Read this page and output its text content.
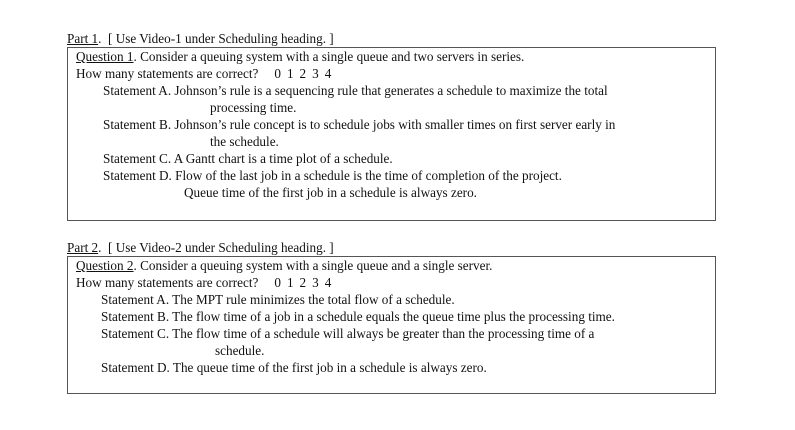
Part 1.  [ Use Video-1 under Scheduling heading. ]
Question 1. Consider a queuing system with a single queue and two servers in series.
How many statements are correct? 0 1 2 3 4
Statement A. Johnson’s rule is a sequencing rule that generates a schedule to maximize the total
processing time.
Statement B. Johnson’s rule concept is to schedule jobs with smaller times on first server early in
the schedule.
Statement C. A Gantt chart is a time plot of a schedule.
Statement D. Flow of the last job in a schedule is the time of completion of the project.
Queue time of the first job in a schedule is always zero.
Part 2.  [ Use Video-2 under Scheduling heading. ]
Question 2. Consider a queuing system with a single queue and a single server.
How many statements are correct? 0 1 2 3 4
Statement A. The MPT rule minimizes the total flow of a schedule.
Statement B. The flow time of a job in a schedule equals the queue time plus the processing time.
Statement C. The flow time of a schedule will always be greater than the processing time of a
schedule.
Statement D. The queue time of the first job in a schedule is always zero.
